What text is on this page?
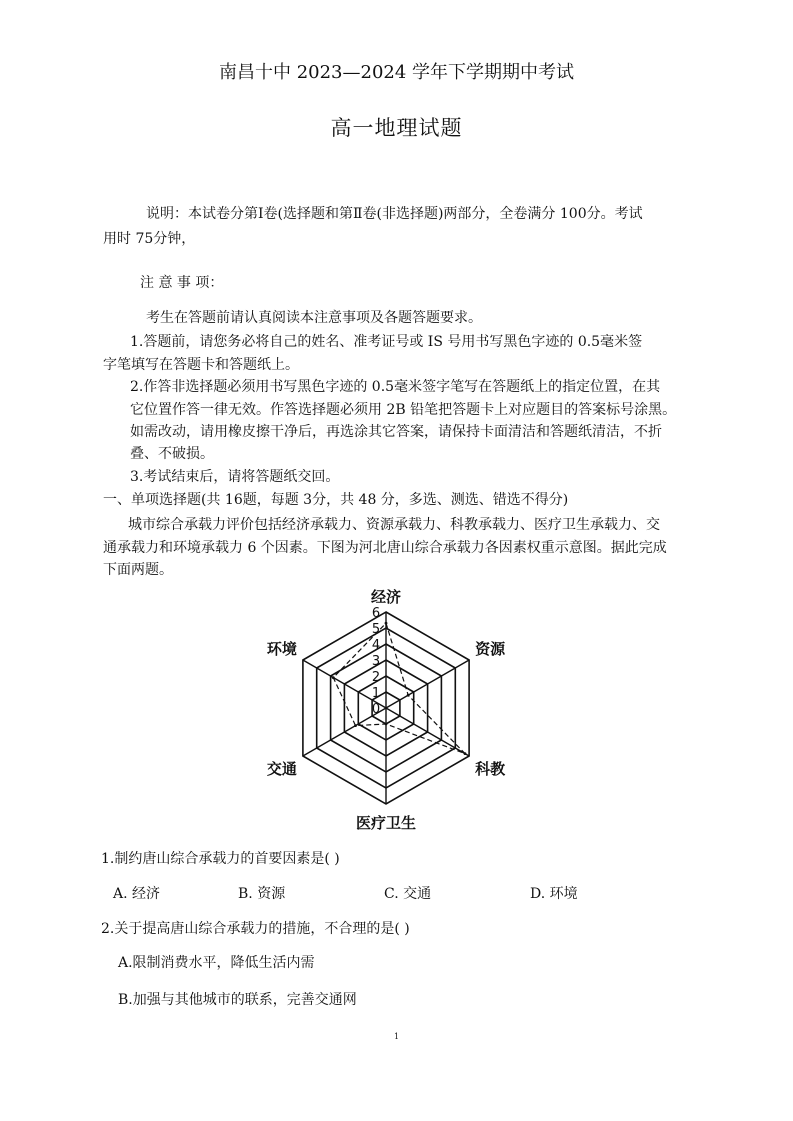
南昌十中 2023—2024 学年下学期期中考试
高一地理试题
说明：本试卷分第Ⅰ卷(选择题和第Ⅱ卷(非选择题)两部分，全卷满分 100分。考试
用时 75分钟，
注 意 事 项：
考生在答题前请认真阅读本注意事项及各题答题要求。
1.答题前，请您务必将自己的姓名、准考证号或 IS 号用书写黑色字迹的 0.5毫米签
字笔填写在答题卡和答题纸上。
2.作答非选择题必须用书写黑色字迹的 0.5毫米签字笔写在答题纸上的指定位置，在其
它位置作答一律无效。作答选择题必须用 2B 铅笔把答题卡上对应题目的答案标号涂黑。
如需改动，请用橡皮擦干净后，再选涂其它答案，请保持卡面清洁和答题纸清洁，不折
叠、不破损。
3.考试结束后，请将答题纸交回。
一、单项选择题(共 16题，每题 3分，共 48 分，多选、测选、错选不得分)
城市综合承载力评价包括经济承载力、资源承载力、科教承载力、医疗卫生承载力、交
通承载力和环境承载力 6 个因素。下图为河北唐山综合承载力各因素权重示意图。据此完成
下面两题。
0
1
2
3
4
5
6
经济
资源
科教
医疗卫生
交通
环境
1.制约唐山综合承载力的首要因素是( )
A. 经济	B. 资源	C. 交通	D. 环境
2.关于提高唐山综合承载力的措施，不合理的是( )
A.限制消费水平，降低生活内需
B.加强与其他城市的联系，完善交通网
1
